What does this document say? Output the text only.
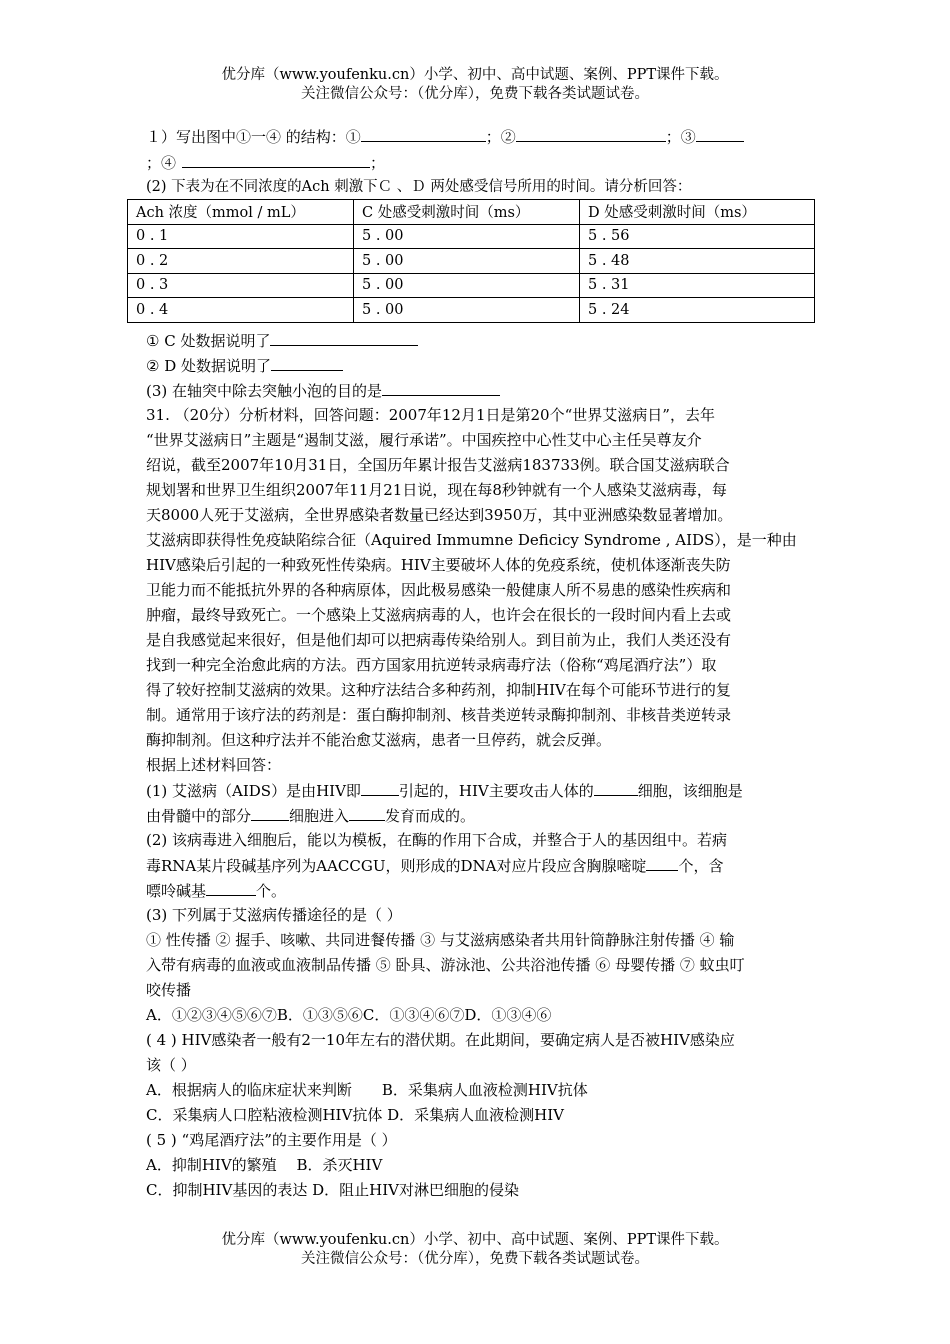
优分库（www.youfenku.cn）小学、初中、高中试题、案例、PPT课件下载。
关注微信公众号：（优分库），免费下载各类试题试卷。
１）写出图中①一④ 的结构：①	；②	；③
；④	；
(2) 下表为在不同浓度的Ach 刺激下Ｃ 、Ｄ 两处感受信号所用的时间。请分析回答：
Ach 浓度（mmol / mL）	C 处感受刺激时间（ms）	D 处感受刺激时间（ms）
0 . 1	5 . 00	5 . 56
0 . 2	5 . 00	5 . 48
0 . 3	5 . 00	5 . 31
0 . 4	5 . 00	5 . 24
① C 处数据说明了
② D 处数据说明了
(3) 在轴突中除去突触小泡的目的是
31. （20分）分析材料，回答问题：2007年12月1日是第20个“世界艾滋病日”，去年
“世界艾滋病日”主题是“遏制艾滋，履行承诺”。中国疾控中心性艾中心主任吴尊友介
绍说，截至2007年10月31日，全国历年累计报告艾滋病183733例。联合国艾滋病联合
规划署和世界卫生组织2007年11月21日说，现在每8秒钟就有一个人感染艾滋病毒，每
天8000人死于艾滋病，全世界感染者数量已经达到3950万，其中亚洲感染数显著增加。
艾滋病即获得性免疫缺陷综合征（Aquired Immumne Deficicy Syndrome , AIDS），是一种由
HIV感染后引起的一种致死性传染病。HIV主要破坏人体的免疫系统，使机体逐渐丧失防
卫能力而不能抵抗外界的各种病原体，因此极易感染一般健康人所不易患的感染性疾病和
肿瘤，最终导致死亡。一个感染上艾滋病病毒的人，也许会在很长的一段时间内看上去或
是自我感觉起来很好，但是他们却可以把病毒传染给别人。到目前为止，我们人类还没有
找到一种完全治愈此病的方法。西方国家用抗逆转录病毒疗法（俗称“鸡尾酒疗法”）取
得了较好控制艾滋病的效果。这种疗法结合多种药剂，抑制HIV在每个可能环节进行的复
制。通常用于该疗法的药剂是：蛋白酶抑制剂、核昔类逆转录酶抑制剂、非核昔类逆转录
酶抑制剂。但这种疗法并不能治愈艾滋病，患者一旦停药，就会反弹。
根据上述材料回答：
(1) 艾滋病（AIDS）是由HIV即	引起的，HIV主要攻击人体的	细胞，该细胞是
由骨髓中的部分	细胞进入 发育而成的。
(2) 该病毒进入细胞后，能以为模板，在酶的作用下合成，并整合于人的基因组中。若病
毒RNA某片段碱基序列为AACCGU，则形成的DNA对应片段应含胸腺嘧啶 个，含
嘌呤碱基	个。
(3) 下列属于艾滋病传播途径的是（ ）
① 性传播 ② 握手、咳嗽、共同进餐传播 ③ 与艾滋病感染者共用针筒静脉注射传播 ④ 输
入带有病毒的血液或血液制品传播 ⑤ 卧具、游泳池、公共浴池传播 ⑥ 母婴传播 ⑦ 蚊虫叮
咬传播
A．①②③④⑤⑥⑦B．①③⑤⑥C．①③④⑥⑦D．①③④⑥
( 4 ) HIV感染者一般有2一10年左右的潜伏期。在此期间，要确定病人是否被HIV感染应
该（ ）
A．根据病人的临床症状来判断　　B．采集病人血液检测HIV抗体
C．采集病人口腔粘液检测HIV抗体 D．采集病人血液检测HIV
( 5 ) “鸡尾酒疗法”的主要作用是（ ）
A．抑制HIV的繁殖　 B．杀灭HIV
C．抑制HIV基因的表达 D．阻止HIV对淋巴细胞的侵染
优分库（www.youfenku.cn）小学、初中、高中试题、案例、PPT课件下载。
关注微信公众号：（优分库），免费下载各类试题试卷。
